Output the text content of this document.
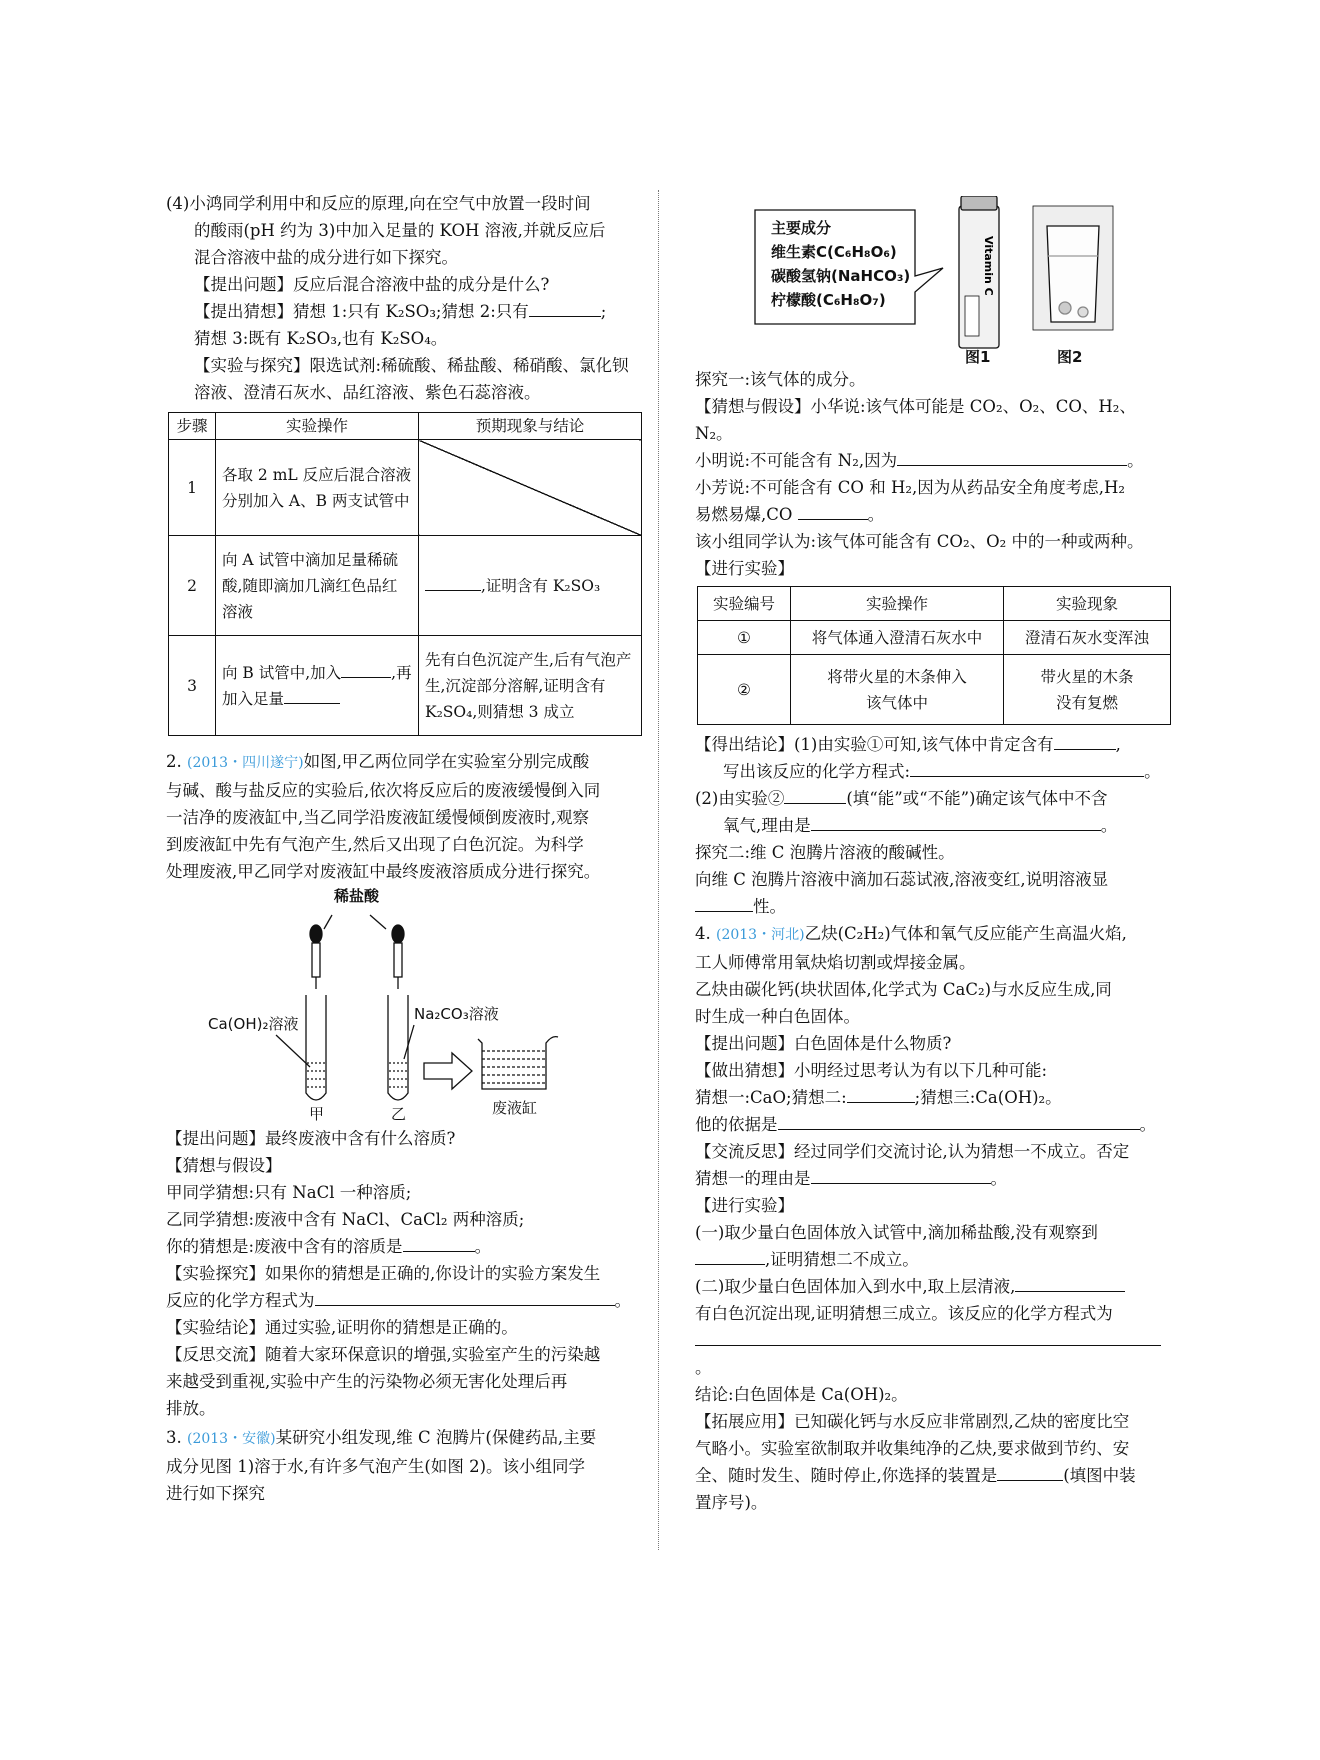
(4)小鸿同学利用中和反应的原理,向在空气中放置一段时间

的酸雨(pH 约为 3)中加入足量的 KOH 溶液,并就反应后

混合溶液中盐的成分进行如下探究。

【提出问题】反应后混合溶液中盐的成分是什么?

【提出猜想】猜想 1:只有 K₂SO₃;猜想 2:只有	;

猜想 3:既有 K₂SO₃,也有 K₂SO₄。

【实验与探究】限选试剂:稀硫酸、稀盐酸、稀硝酸、氯化钡

溶液、澄清石灰水、品红溶液、紫色石蕊溶液。

步骤	实验操作	预期现象与结论
1	各取 2 mL 反应后混合溶液分别加入 A、B 两支试管中	
2	向 A 试管中滴加足量稀硫酸,随即滴加几滴红色品红溶液	,证明含有 K₂SO₃
3	向 B 试管中,加入 ,再加入足量	先有白色沉淀产生,后有气泡产生,沉淀部分溶解,证明含有 K₂SO₄,则猜想 3 成立

2. (2013・四川遂宁)如图,甲乙两位同学在实验室分别完成酸

与碱、酸与盐反应的实验后,依次将反应后的废液缓慢倒入同

一洁净的废液缸中,当乙同学沿废液缸缓慢倾倒废液时,观察

到废液缸中先有气泡产生,然后又出现了白色沉淀。为科学

处理废液,甲乙同学对废液缸中最终废液溶质成分进行探究。

稀盐酸
Ca(OH)₂溶液
Na₂CO₃溶液
甲	乙	废液缸

【提出问题】最终废液中含有什么溶质?

【猜想与假设】

甲同学猜想:只有 NaCl 一种溶质;

乙同学猜想:废液中含有 NaCl、CaCl₂ 两种溶质;

你的猜想是:废液中含有的溶质是	。

【实验探究】如果你的猜想是正确的,你设计的实验方案发生

反应的化学方程式为	。

【实验结论】通过实验,证明你的猜想是正确的。

【反思交流】随着大家环保意识的增强,实验室产生的污染越

来越受到重视,实验中产生的污染物必须无害化处理后再

排放。

3. (2013・安徽)某研究小组发现,维 C 泡腾片(保健药品,主要

成分见图 1)溶于水,有许多气泡产生(如图 2)。该小组同学

进行如下探究

Vitamin C
主要成分
维生素C(C₆H₈O₆)
碳酸氢钠(NaHCO₃)
柠檬酸(C₆H₈O₇)
图1	图2

探究一:该气体的成分。

【猜想与假设】小华说:该气体可能是 CO₂、O₂、CO、H₂、N₂。

小明说:不可能含有 N₂,因为	。

小芳说:不可能含有 CO 和 H₂,因为从药品安全角度考虑,H₂

易燃易爆,CO	。

该小组同学认为:该气体可能含有 CO₂、O₂ 中的一种或两种。

【进行实验】

实验编号	实验操作	实验现象
①	将气体通入澄清石灰水中	澄清石灰水变浑浊
②	将带火星的木条伸入该气体中	带火星的木条没有复燃

【得出结论】(1)由实验①可知,该气体中肯定含有	,

写出该反应的化学方程式:	。

(2)由实验②	(填“能”或“不能”)确定该气体中不含

氧气,理由是	。

探究二:维 C 泡腾片溶液的酸碱性。

向维 C 泡腾片溶液中滴加石蕊试液,溶液变红,说明溶液显

性。

4. (2013・河北)乙炔(C₂H₂)气体和氧气反应能产生高温火焰,

工人师傅常用氧炔焰切割或焊接金属。

乙炔由碳化钙(块状固体,化学式为 CaC₂)与水反应生成,同

时生成一种白色固体。

【提出问题】白色固体是什么物质?

【做出猜想】小明经过思考认为有以下几种可能:

猜想一:CaO;猜想二:	;猜想三:Ca(OH)₂。

他的依据是	。

【交流反思】经过同学们交流讨论,认为猜想一不成立。否定

猜想一的理由是	。

【进行实验】

(一)取少量白色固体放入试管中,滴加稀盐酸,没有观察到

,证明猜想二不成立。

(二)取少量白色固体加入到水中,取上层清液,

有白色沉淀出现,证明猜想三成立。该反应的化学方程式为

。

结论:白色固体是 Ca(OH)₂。

【拓展应用】已知碳化钙与水反应非常剧烈,乙炔的密度比空

气略小。实验室欲制取并收集纯净的乙炔,要求做到节约、安

全、随时发生、随时停止,你选择的装置是	(填图中装

置序号)。
